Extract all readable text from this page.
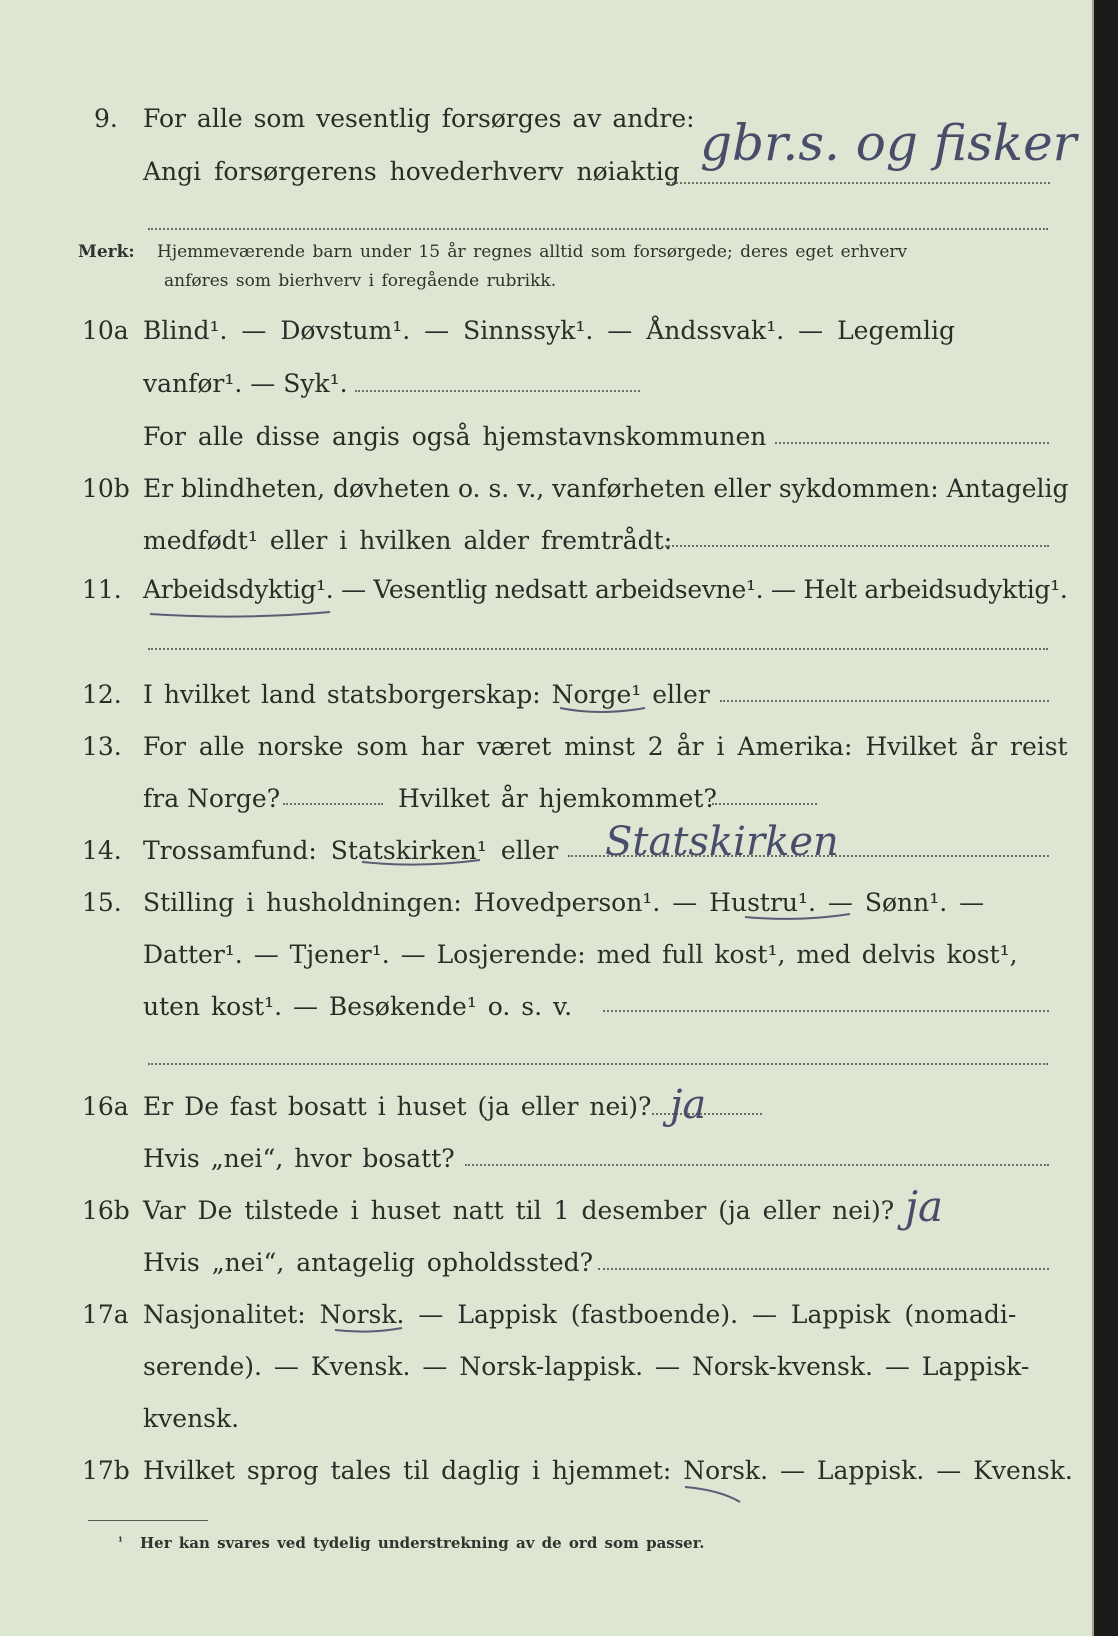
9. For alle som vesentlig forsørges av andre:
Angi forsørgerens hovederhverv nøiaktig gbr.s. og fisker
Merk: Hjemmeværende barn under 15 år regnes alltid som forsørgede; deres eget erhverv
anføres som bierhverv i foregående rubrikk.
10a Blind¹. — Døvstum¹. — Sinnssyk¹. — Åndssvak¹. — Legemlig
vanfør¹. — Syk¹.
For alle disse angis også hjemstavnskommunen
10b Er blindheten, døvheten o. s. v., vanførheten eller sykdommen: Antagelig
medfødt¹ eller i hvilken alder fremtrådt:
11. Arbeidsdyktig¹. — Vesentlig nedsatt arbeidsevne¹. — Helt arbeidsudyktig¹.
12. I hvilket land statsborgerskap: Norge¹ eller
13. For alle norske som har været minst 2 år i Amerika: Hvilket år reist
fra Norge?	Hvilket år hjemkommet?
14. Trossamfund: Statskirken¹ eller Statskirken
15. Stilling i husholdningen: Hovedperson¹. — Hustru¹. — Sønn¹. —
Datter¹. — Tjener¹. — Losjerende: med full kost¹, med delvis kost¹,
uten kost¹. — Besøkende¹ o. s. v.
16a Er De fast bosatt i huset (ja eller nei)? ja
Hvis „nei“, hvor bosatt?
16b Var De tilstede i huset natt til 1 desember (ja eller nei)? ja
Hvis „nei“, antagelig opholdssted?
17a Nasjonalitet: Norsk. — Lappisk (fastboende). — Lappisk (nomadi-
serende). — Kvensk. — Norsk-lappisk. — Norsk-kvensk. — Lappisk-
kvensk.
17b Hvilket sprog tales til daglig i hjemmet: Norsk. — Lappisk. — Kvensk.
¹ Her kan svares ved tydelig understrekning av de ord som passer.
